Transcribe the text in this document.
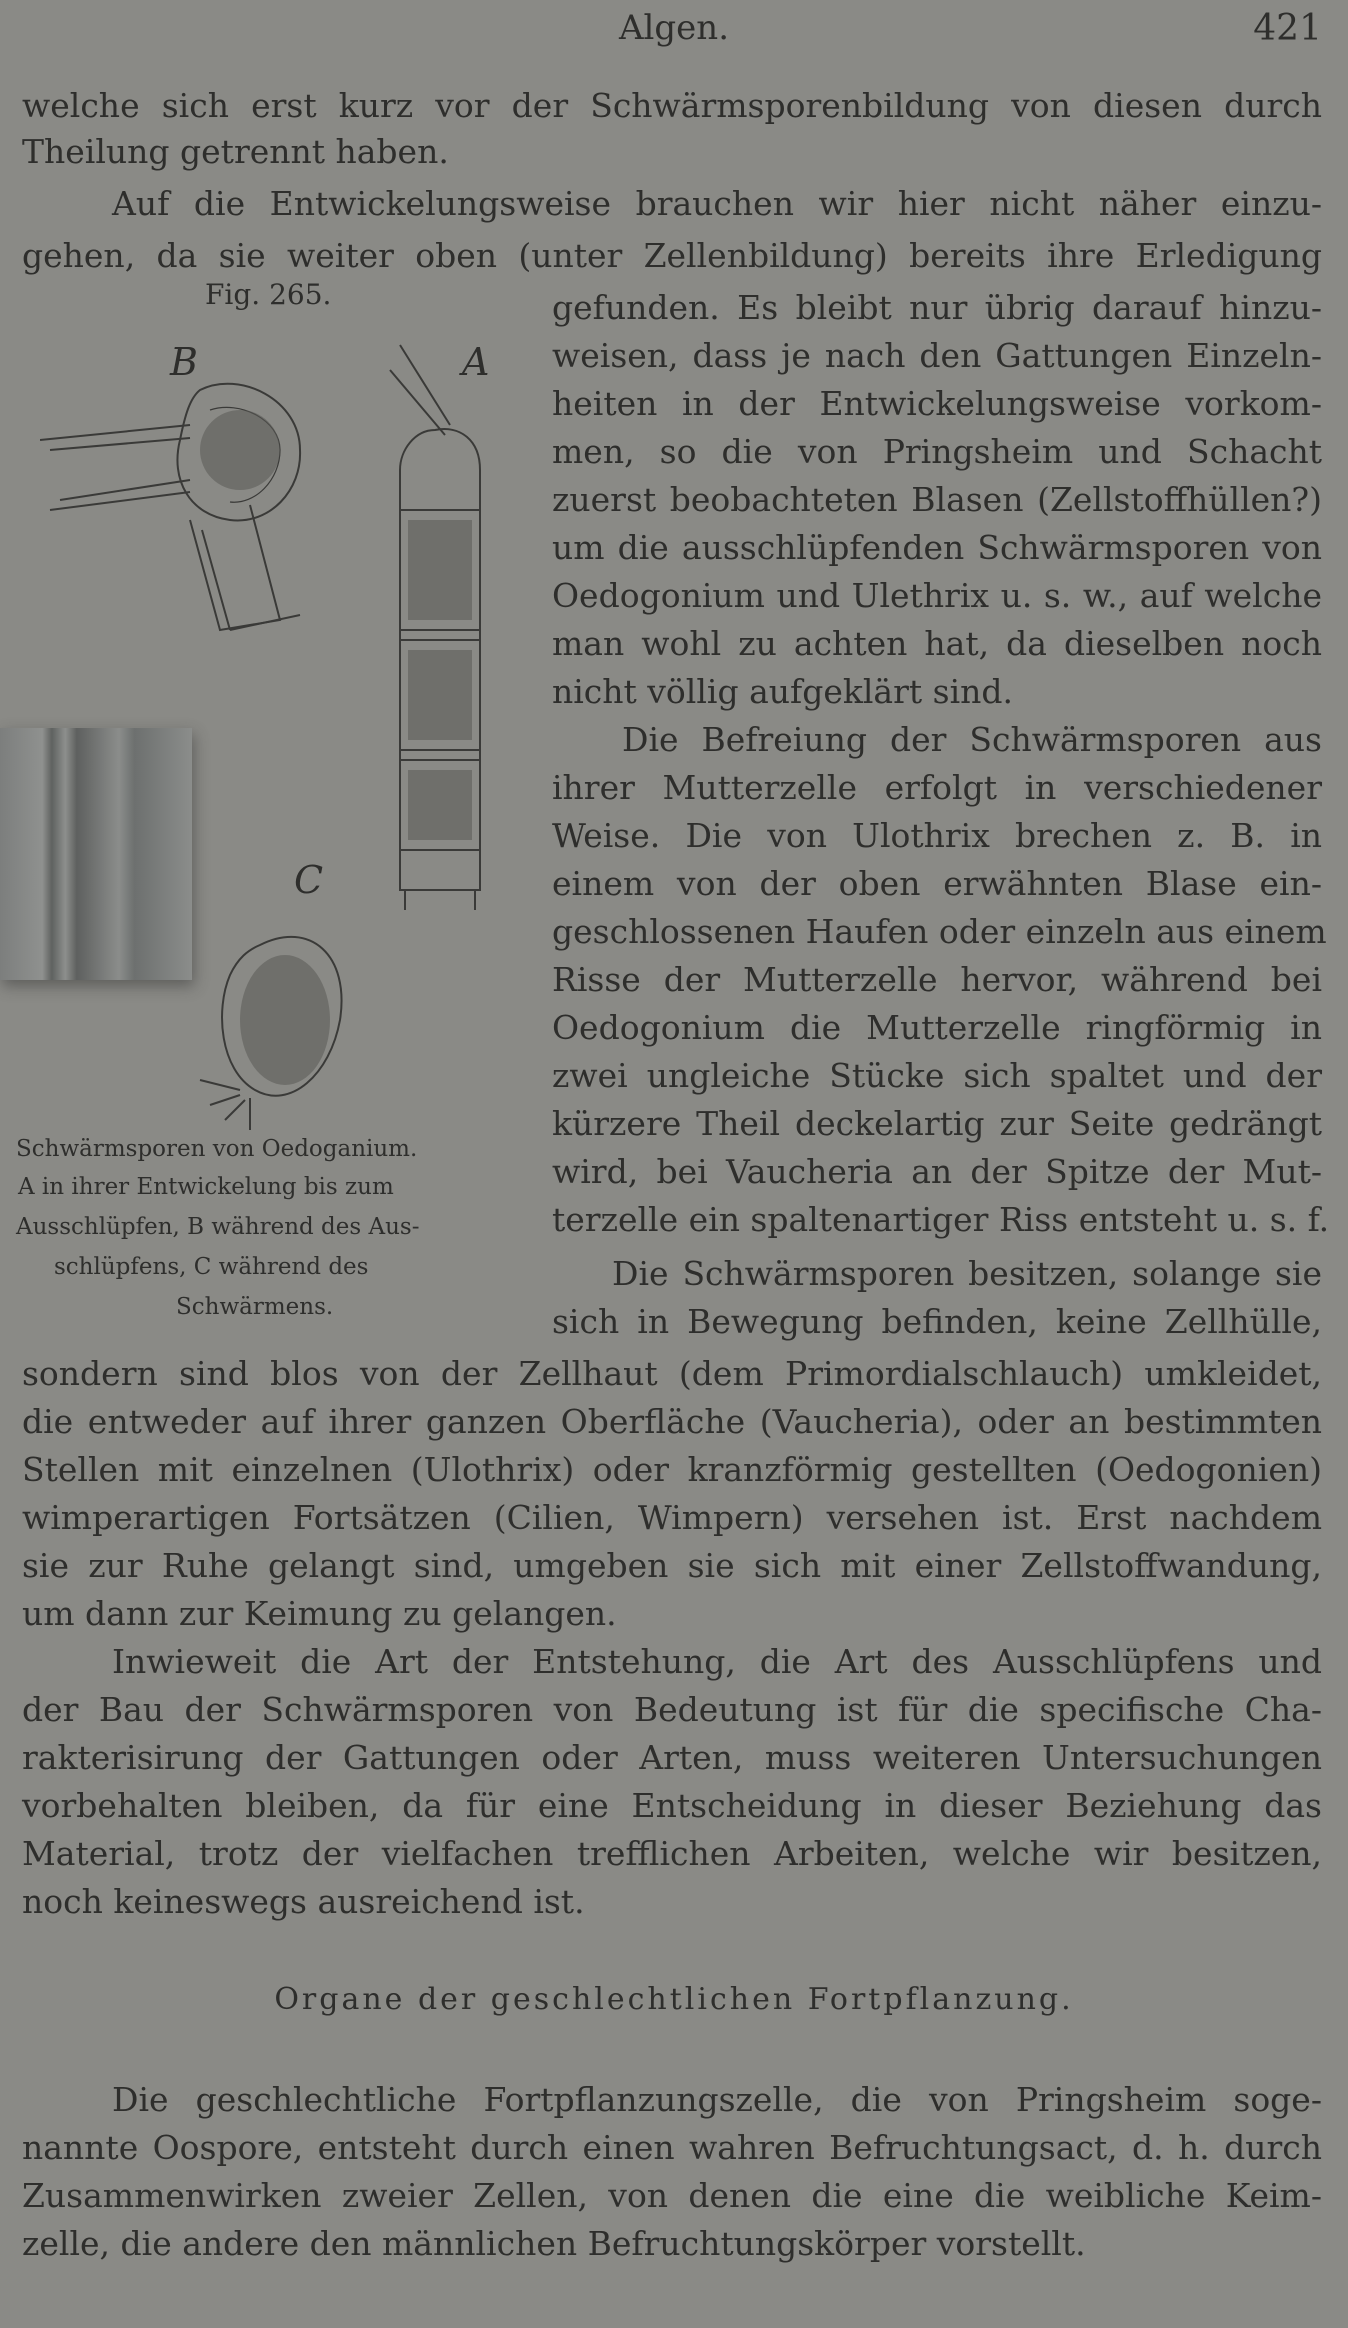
Algen.	421
welche sich erst kurz vor der Schwärmsporenbildung von diesen durch
Theilung getrennt haben.
Auf die Entwickelungsweise brauchen wir hier nicht näher einzu-
gehen, da sie weiter oben (unter Zellenbildung) bereits ihre Erledigung
Fig. 265.
B	A
C
Schwärmsporen von Oedoganium.
A in ihrer Entwickelung bis zum
Ausschlüpfen, B während des Aus-
schlüpfens, C während des
Schwärmens.
gefunden. Es bleibt nur übrig darauf hinzu-
weisen, dass je nach den Gattungen Einzeln-
heiten in der Entwickelungsweise vorkom-
men, so die von Pringsheim und Schacht
zuerst beobachteten Blasen (Zellstoffhüllen?)
um die ausschlüpfenden Schwärmsporen von
Oedogonium und Ulethrix u. s. w., auf welche
man wohl zu achten hat, da dieselben noch
nicht völlig aufgeklärt sind.
Die Befreiung der Schwärmsporen aus
ihrer Mutterzelle erfolgt in verschiedener
Weise. Die von Ulothrix brechen z. B. in
einem von der oben erwähnten Blase ein-
geschlossenen Haufen oder einzeln aus einem
Risse der Mutterzelle hervor, während bei
Oedogonium die Mutterzelle ringförmig in
zwei ungleiche Stücke sich spaltet und der
kürzere Theil deckelartig zur Seite gedrängt
wird, bei Vaucheria an der Spitze der Mut-
terzelle ein spaltenartiger Riss entsteht u. s. f.
Die Schwärmsporen besitzen, solange sie
sich in Bewegung befinden, keine Zellhülle,
sondern sind blos von der Zellhaut (dem Primordialschlauch) umkleidet,
die entweder auf ihrer ganzen Oberfläche (Vaucheria), oder an bestimmten
Stellen mit einzelnen (Ulothrix) oder kranzförmig gestellten (Oedogonien)
wimperartigen Fortsätzen (Cilien, Wimpern) versehen ist. Erst nachdem
sie zur Ruhe gelangt sind, umgeben sie sich mit einer Zellstoffwandung,
um dann zur Keimung zu gelangen.
Inwieweit die Art der Entstehung, die Art des Ausschlüpfens und
der Bau der Schwärmsporen von Bedeutung ist für die specifische Cha-
rakterisirung der Gattungen oder Arten, muss weiteren Untersuchungen
vorbehalten bleiben, da für eine Entscheidung in dieser Beziehung das
Material, trotz der vielfachen trefflichen Arbeiten, welche wir besitzen,
noch keineswegs ausreichend ist.
Organe der geschlechtlichen Fortpflanzung.
Die geschlechtliche Fortpflanzungszelle, die von Pringsheim soge-
nannte Oospore, entsteht durch einen wahren Befruchtungsact, d. h. durch
Zusammenwirken zweier Zellen, von denen die eine die weibliche Keim-
zelle, die andere den männlichen Befruchtungskörper vorstellt.
